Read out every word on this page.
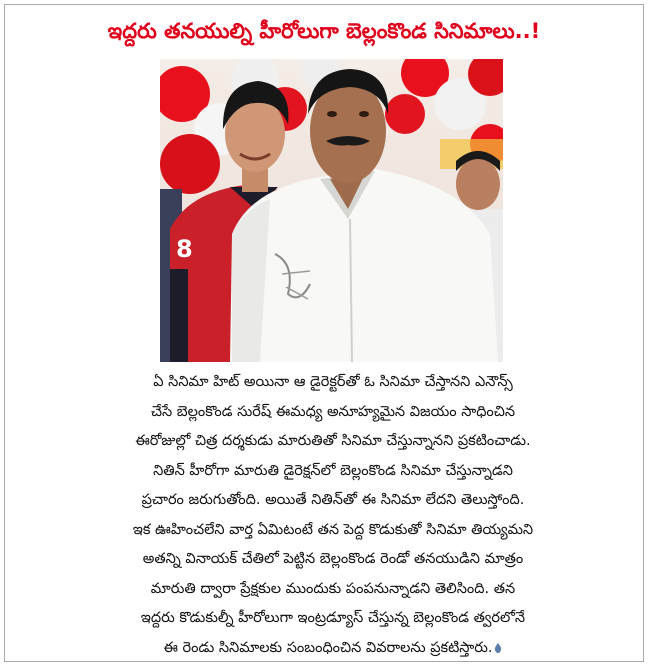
ఇద్దరు తనయుల్ని హీరోలుగా బెల్లంకొండ సినిమాలు..!
8

ఏ సినిమా హిట్ అయినా ఆ డైరెక్టర్‌తో ఓ సినిమా చేస్తానని ఎనౌన్స్

చేసే బెల్లంకొండ సురేష్ ఈమధ్య అనూహ్యమైన విజయం సాధించిన

ఈరోజుల్లో చిత్ర దర్శకుడు మారుతితో సినిమా చేస్తున్నానని ప్రకటించాడు.

నితిన్ హీరోగా మారుతి డైరెక్షన్‌లో బెల్లంకొండ సినిమా చేస్తున్నాడని

ప్రచారం జరుగుతోంది. అయితే నితిన్‌తో ఈ సినిమా లేదని తెలుస్తోంది.

ఇక ఊహించలేని వార్త ఏమిటంటే తన పెద్ద కొడుకుతో సినిమా తియ్యమని

అతన్ని వినాయక్ చేతిలో పెట్టిన బెల్లంకొండ రెండో తనయుడిని మాత్రం

మారుతి ద్వారా ప్రేక్షకుల ముందుకు పంపనున్నాడని తెలిసింది. తన

ఇద్దరు కొడుకుల్నీ హీరోలుగా ఇంట్రడ్యూస్ చేస్తున్న బెల్లంకొండ త్వరలోనే

ఈ రెండు సినిమాలకు సంబంధించిన వివరాలను ప్రకటిస్తారు.
